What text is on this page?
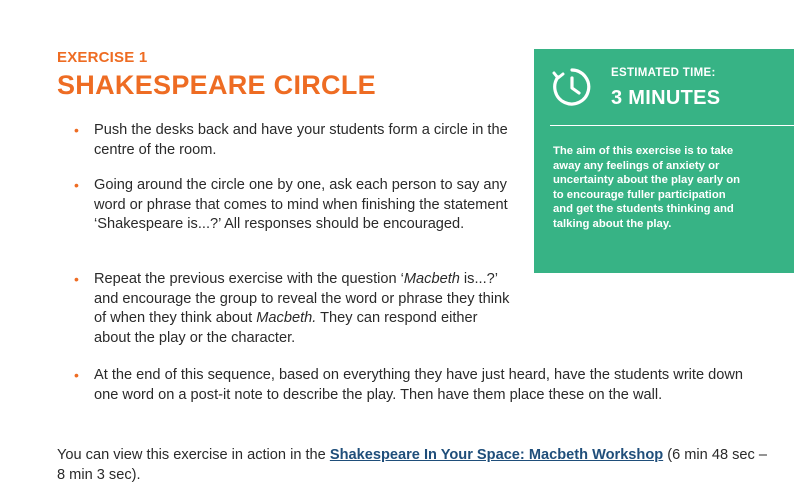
EXERCISE 1
SHAKESPEARE CIRCLE
• Push the desks back and have your students form a circle in the centre of the room.
• Going around the circle one by one, ask each person to say any word or phrase that comes to mind when finishing the statement ‘Shakespeare is...?’ All responses should be encouraged.
• Repeat the previous exercise with the question ‘Macbeth is...?’ and encourage the group to reveal the word or phrase they think of when they think about Macbeth. They can respond either about the play or the character.
• At the end of this sequence, based on everything they have just heard, have the students write down one word on a post-it note to describe the play. Then have them place these on the wall.
You can view this exercise in action in the Shakespeare In Your Space: Macbeth Workshop (6 min 48 sec – 8 min 3 sec).
ESTIMATED TIME:
3 MINUTES
The aim of this exercise is to take away any feelings of anxiety or uncertainty about the play early on to encourage fuller participation and get the students thinking and talking about the play.
